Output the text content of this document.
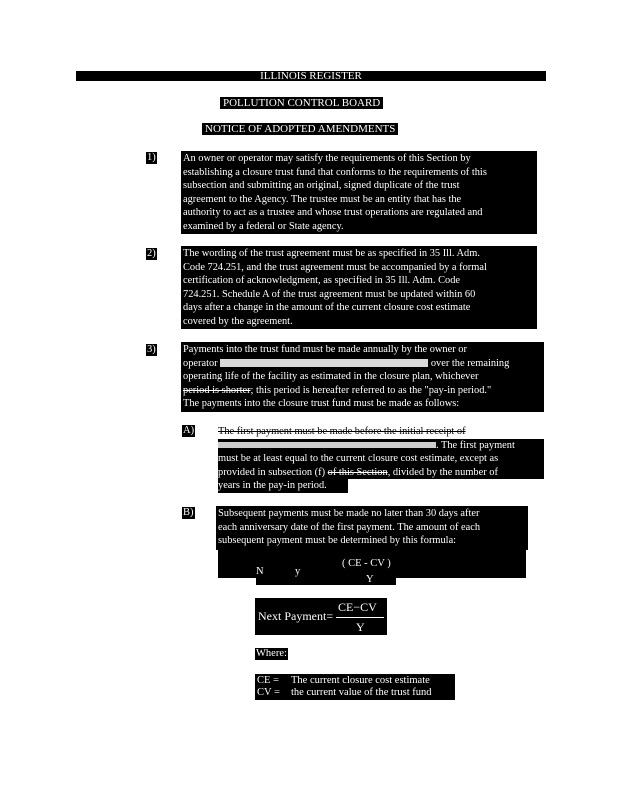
ILLINOIS REGISTER
POLLUTION CONTROL BOARD
NOTICE OF ADOPTED AMENDMENTS
1)	An owner or operator may satisfy the requirements of this Section by
establishing a closure trust fund that conforms to the requirements of this
subsection and submitting an original, signed duplicate of the trust
agreement to the Agency. The trustee must be an entity that has the
authority to act as a trustee and whose trust operations are regulated and
examined by a federal or State agency.
2)	The wording of the trust agreement must be as specified in 35 Ill. Adm.
Code 724.251, and the trust agreement must be accompanied by a formal
certification of acknowledgment, as specified in 35 Ill. Adm. Code
724.251. Schedule A of the trust agreement must be updated within 60
days after a change in the amount of the current closure cost estimate
covered by the agreement.
3)	Payments into the trust fund must be made annually by the owner or
operator	over the remaining
operating life of the facility as estimated in the closure plan, whichever
period is shorter; this period is hereafter referred to as the "pay-in period."
The payments into the closure trust fund must be made as follows:
A) The first payment must be made before the initial receipt of
. The first payment
must be at least equal to the current closure cost estimate, except as
provided in subsection (f) of this Section, divided by the number of
years in the pay-in period.
B) Subsequent payments must be made no later than 30 days after
each anniversary date of the first payment. The amount of each
subsequent payment must be determined by this formula:
( CE - CV )
N	y
Y
Next Payment=
CE−CV
Y
Where:
CE = The current closure cost estimate
CV = the current value of the trust fund
